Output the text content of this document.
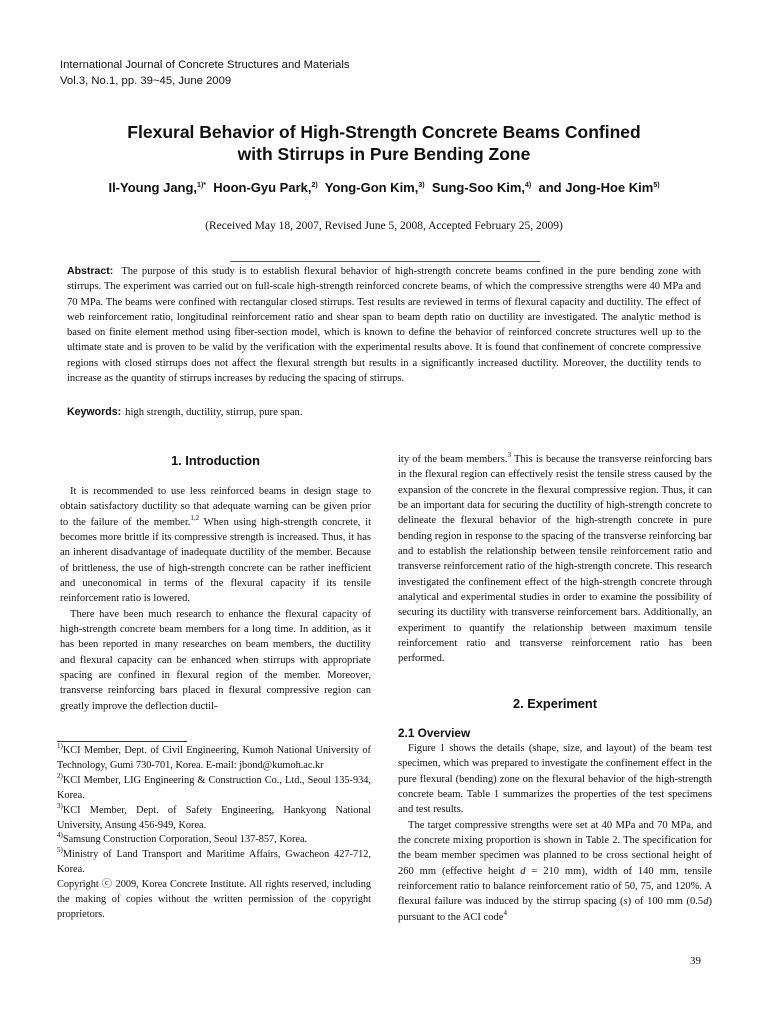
International Journal of Concrete Structures and Materials
Vol.3, No.1, pp. 39~45, June 2009
Flexural Behavior of High-Strength Concrete Beams Confined
with Stirrups in Pure Bending Zone
Il-Young Jang,$^{1)*}$ Hoon-Gyu Park,$^{2)}$ Yong-Gon Kim,$^{3)}$ Sung-Soo Kim,$^{4)}$ and Jong-Hoe Kim$^{5)}$
(Received May 18, 2007, Revised June 5, 2008, Accepted February 25, 2009)
Abstract: The purpose of this study is to establish flexural behavior of high-strength concrete beams confined in the pure bending zone with stirrups. The experiment was carried out on full-scale high-strength reinforced concrete beams, of which the compressive strengths were 40 MPa and 70 MPa. The beams were confined with rectangular closed stirrups. Test results are reviewed in terms of flexural capacity and ductility. The effect of web reinforcement ratio, longitudinal reinforcement ratio and shear span to beam depth ratio on ductility are investigated. The analytic method is based on finite element method using fiber-section model, which is known to define the behavior of reinforced concrete structures well up to the ultimate state and is proven to be valid by the verification with the experimental results above. It is found that confinement of concrete compressive regions with closed stirrups does not affect the flexural strength but results in a significantly increased ductility. Moreover, the ductility tends to increase as the quantity of stirrups increases by reducing the spacing of stirrups.
Keywords: high strength, ductility, stirrup, pure span.
1. Introduction

It is recommended to use less reinforced beams in design stage to obtain satisfactory ductility so that adequate warning can be given prior to the failure of the member.$^{1,2}$ When using high-strength concrete, it becomes more brittle if its compressive strength is increased. Thus, it has an inherent disadvantage of inadequate ductility of the member. Because of brittleness, the use of high-strength concrete can be rather inefficient and uneconomical in terms of the flexural capacity if its tensile reinforcement ratio is lowered.

There have been much research to enhance the flexural capacity of high-strength concrete beam members for a long time. In addition, as it has been reported in many researches on beam members, the ductility and flexural capacity can be enhanced when stirrups with appropriate spacing are confined in flexural region of the member. Moreover, transverse reinforcing bars placed in flexural compressive region can greatly improve the deflection ductil-

$^{1)}$KCI Member, Dept. of Civil Engineering, Kumoh National University of Technology, Gumi 730-701, Korea. E-mail: jbond@kumoh.ac.kr
$^{2)}$KCI Member, LIG Engineering & Construction Co., Ltd., Seoul 135-934, Korea.
$^{3)}$KCI Member, Dept. of Safety Engineering, Hankyong National University, Ansung 456-949, Korea.
$^{4)}$Samsung Construction Corporation, Seoul 137-857, Korea.
$^{5)}$Ministry of Land Transport and Maritime Affairs, Gwacheon 427-712, Korea.
Copyright ⓒ 2009, Korea Concrete Institute. All rights reserved, including the making of copies without the written permission of the copyright proprietors.

ity of the beam members.$^3$ This is because the transverse reinforcing bars in the flexural region can effectively resist the tensile stress caused by the expansion of the concrete in the flexural compressive region. Thus, it can be an important data for securing the ductility of high-strength concrete to delineate the flexural behavior of the high-strength concrete in pure bending region in response to the spacing of the transverse reinforcing bar and to establish the relationship between tensile reinforcement ratio and transverse reinforcement ratio of the high-strength concrete. This research investigated the confinement effect of the high-strength concrete through analytical and experimental studies in order to examine the possibility of securing its ductility with transverse reinforcement bars. Additionally, an experiment to quantify the relationship between maximum tensile reinforcement ratio and transverse reinforcement ratio has been performed.

2. Experiment
2.1 Overview

Figure 1 shows the details (shape, size, and layout) of the beam test specimen, which was prepared to investigate the confinement effect in the pure flexural (bending) zone on the flexural behavior of the high-strength concrete beam. Table 1 summarizes the properties of the test specimens and test results.

The target compressive strengths were set at 40 MPa and 70 MPa, and the concrete mixing proportion is shown in Table 2. The specification for the beam member specimen was planned to be cross sectional height of 260 mm (effective height d = 210 mm), width of 140 mm, tensile reinforcement ratio to balance reinforcement ratio of 50, 75, and 120%. A flexural failure was induced by the stirrup spacing (s) of 100 mm (0.5d) pursuant to the ACI code$^4$

39
